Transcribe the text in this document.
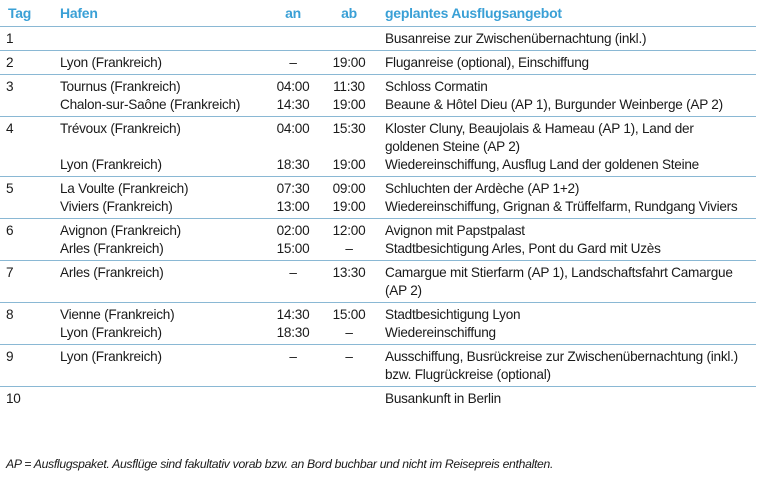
Tag	Hafen	an	ab	geplantes Ausflugsangebot
1				Busanreise zur Zwischenübernachtung (inkl.)
2	Lyon (Frankreich)	–	19:00	Fluganreise (optional), Einschiffung
3	Tournus (Frankreich)	04:00	11:30	Schloss Cormatin
	Chalon-sur-Saône (Frankreich)	14:30	19:00	Beaune & Hôtel Dieu (AP 1), Burgunder Weinberge (AP 2)
4	Trévoux (Frankreich)	04:00	15:30	Kloster Cluny, Beaujolais & Hameau (AP 1), Land der goldenen Steine (AP 2)
	Lyon (Frankreich)	18:30	19:00	Wiedereinschiffung, Ausflug Land der goldenen Steine
5	La Voulte (Frankreich)	07:30	09:00	Schluchten der Ardèche (AP 1+2)
	Viviers (Frankreich)	13:00	19:00	Wiedereinschiffung, Grignan & Trüffelfarm, Rundgang Viviers
6	Avignon (Frankreich)	02:00	12:00	Avignon mit Papstpalast
	Arles (Frankreich)	15:00	–	Stadtbesichtigung Arles, Pont du Gard mit Uzès
7	Arles (Frankreich)	–	13:30	Camargue mit Stierfarm (AP 1), Landschaftsfahrt Camargue (AP 2)
8	Vienne (Frankreich)	14:30	15:00	Stadtbesichtigung Lyon
	Lyon (Frankreich)	18:30	–	Wiedereinschiffung
9	Lyon (Frankreich)	–	–	Ausschiffung, Busrückreise zur Zwischenübernachtung (inkl.) bzw. Flugrückreise (optional)
10				Busankunft in Berlin
AP = Ausflugspaket. Ausflüge sind fakultativ vorab bzw. an Bord buchbar und nicht im Reisepreis enthalten.
